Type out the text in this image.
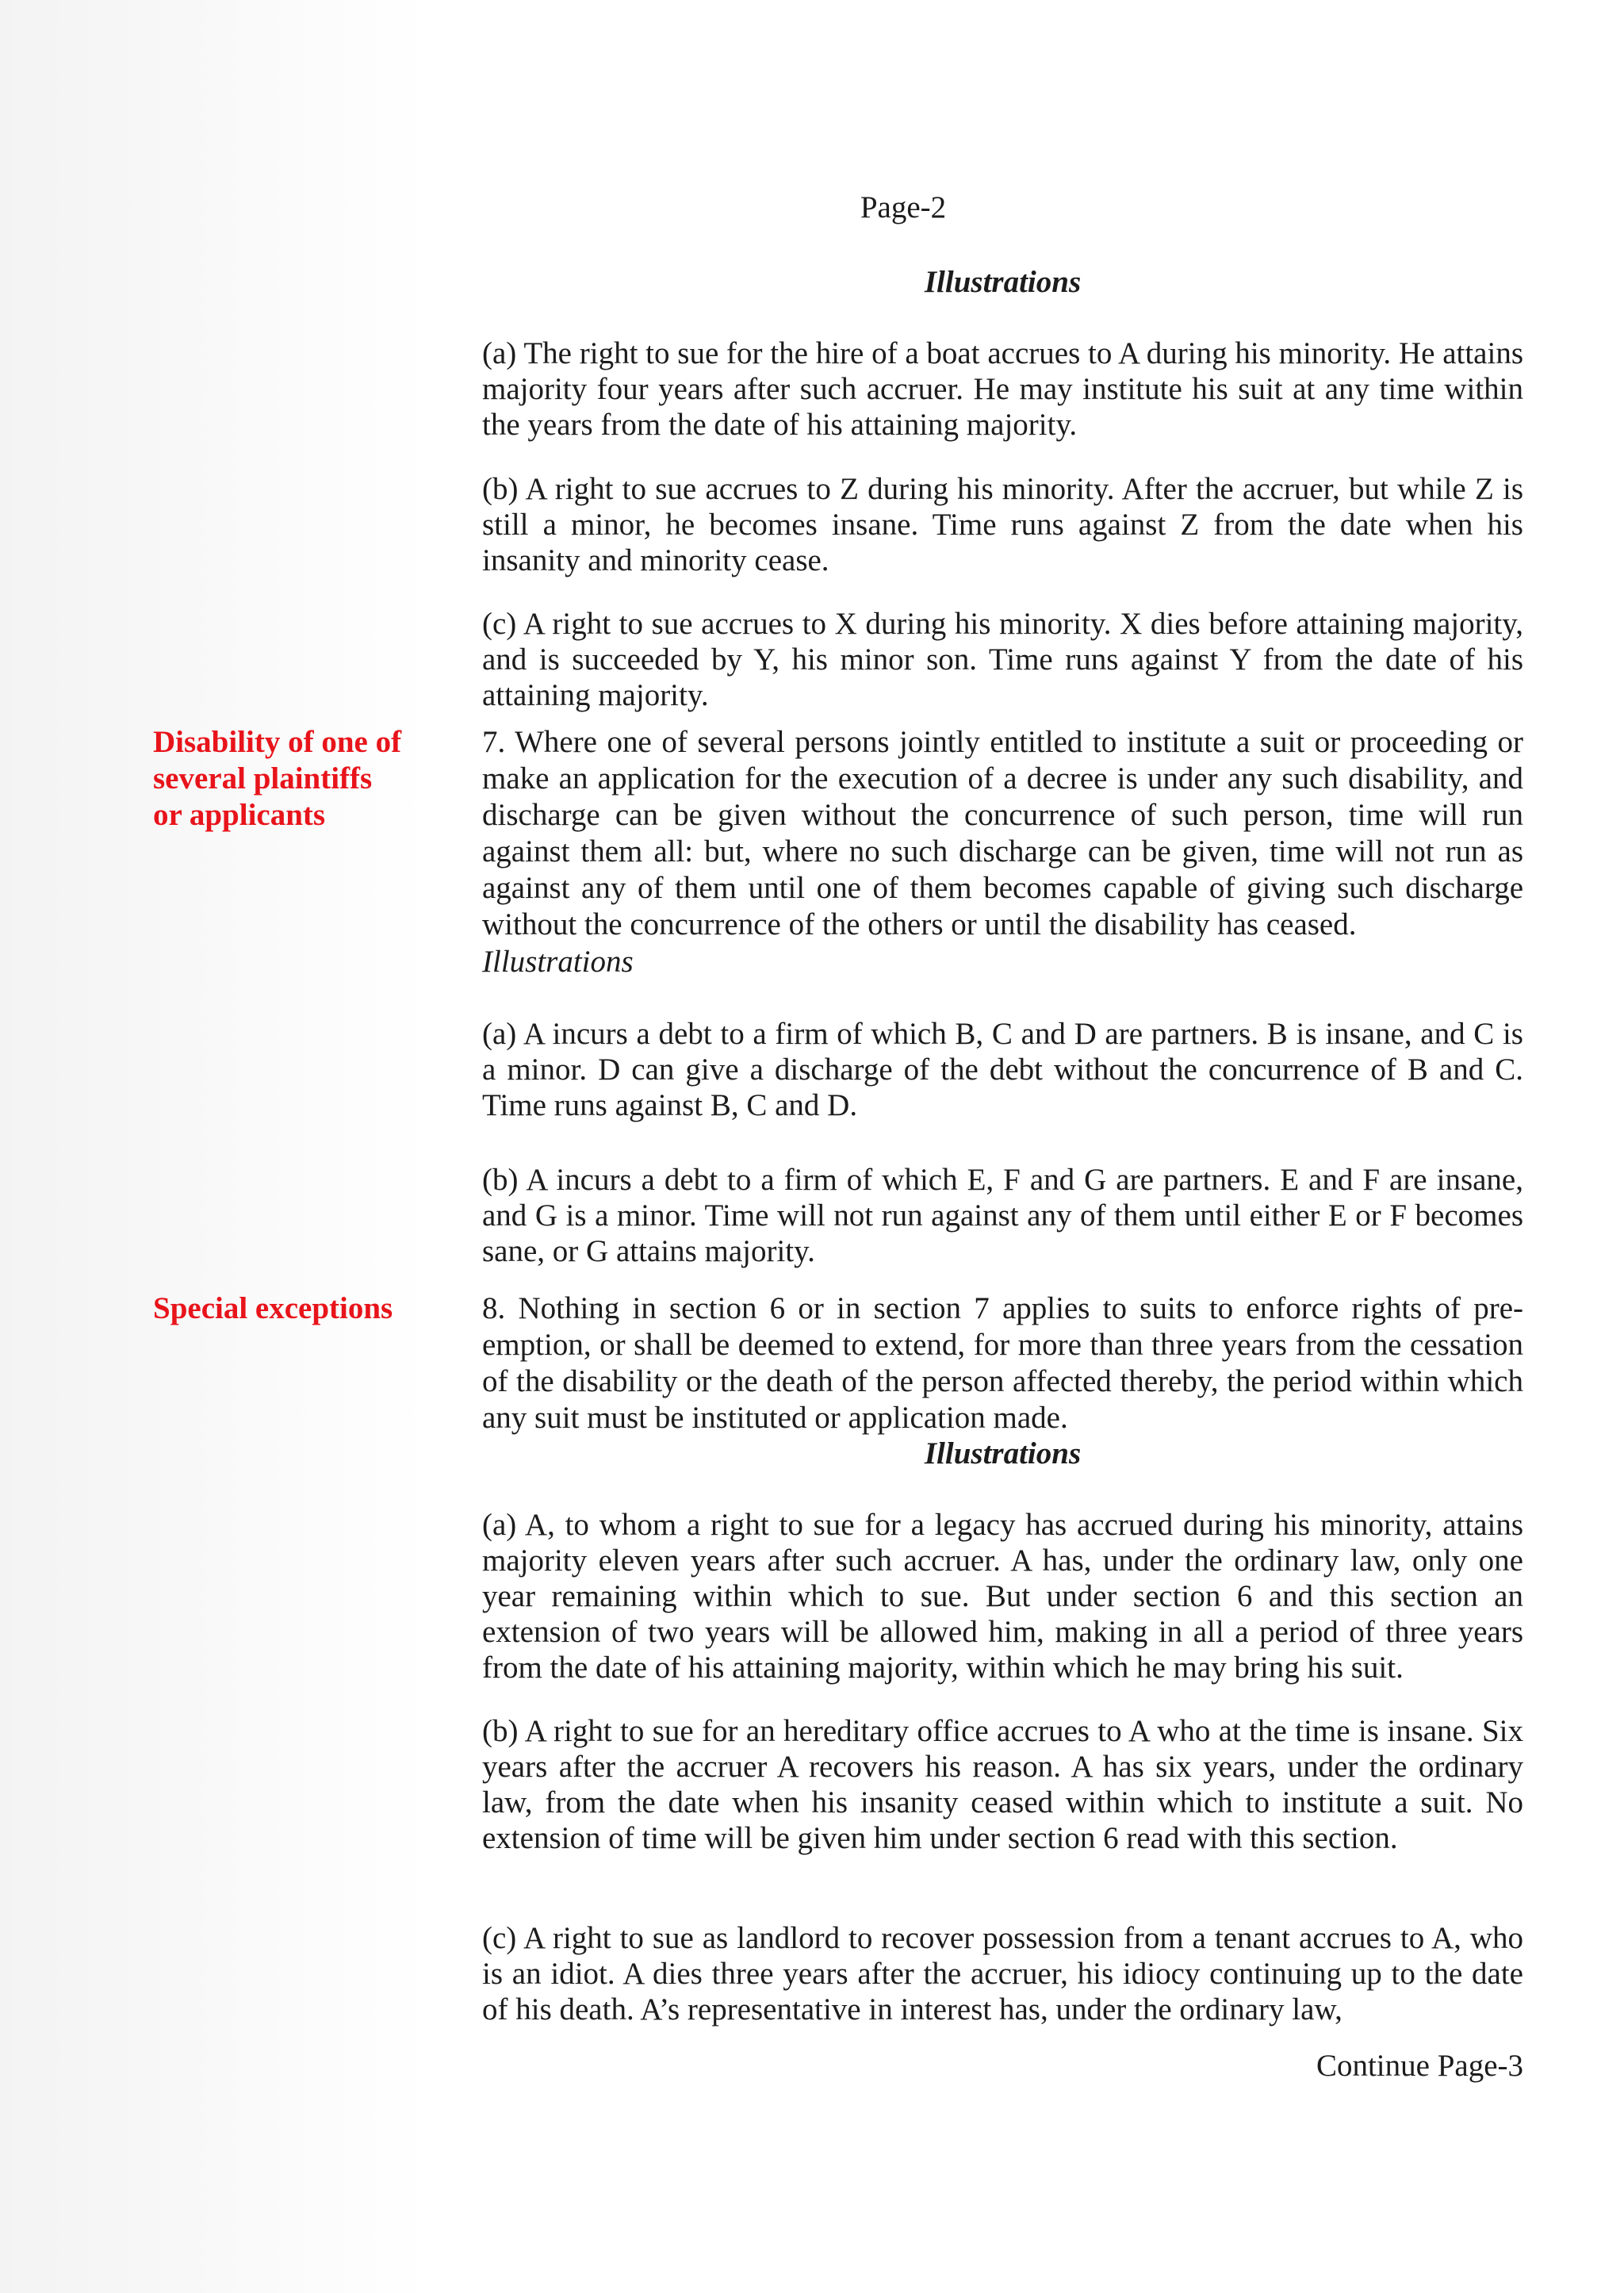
Page-2
Illustrations

(a) The right to sue for the hire of a boat accrues to A during his minority. He attains majority four years after such accruer. He may institute his suit at any time within the years from the date of his attaining majority.

(b) A right to sue accrues to Z during his minority. After the accruer, but while Z is still a minor, he becomes insane. Time runs against Z from the date when his insanity and minority cease.

(c) A right to sue accrues to X during his minority. X dies before attaining majority, and is succeeded by Y, his minor son. Time runs against Y from the date of his attaining majority.

Disability of one of
several plaintiffs
or applicants

7. Where one of several persons jointly entitled to institute a suit or proceeding or make an application for the execution of a decree is under any such disability, and discharge can be given without the concurrence of such person, time will run against them all: but, where no such discharge can be given, time will not run as against any of them until one of them becomes capable of giving such discharge without the concurrence of the others or until the disability has ceased.

Illustrations

(a) A incurs a debt to a firm of which B, C and D are partners. B is insane, and C is a minor. D can give a discharge of the debt without the concurrence of B and C. Time runs against B, C and D.

(b) A incurs a debt to a firm of which E, F and G are partners. E and F are insane, and G is a minor. Time will not run against any of them until either E or F becomes sane, or G attains majority.

Special exceptions	8. Nothing in section 6 or in section 7 applies to suits to enforce rights of pre-emption, or shall be deemed to extend, for more than three years from the cessation of the disability or the death of the person affected thereby, the period within which any suit must be instituted or application made.

Illustrations

(a) A, to whom a right to sue for a legacy has accrued during his minority, attains majority eleven years after such accruer. A has, under the ordinary law, only one year remaining within which to sue. But under section 6 and this section an extension of two years will be allowed him, making in all a period of three years from the date of his attaining majority, within which he may bring his suit.

(b) A right to sue for an hereditary office accrues to A who at the time is insane. Six years after the accruer A recovers his reason. A has six years, under the ordinary law, from the date when his insanity ceased within which to institute a suit. No extension of time will be given him under section 6 read with this section.

(c) A right to sue as landlord to recover possession from a tenant accrues to A, who is an idiot. A dies three years after the accruer, his idiocy continuing up to the date of his death. A’s representative in interest has, under the ordinary law,

Continue Page-3
